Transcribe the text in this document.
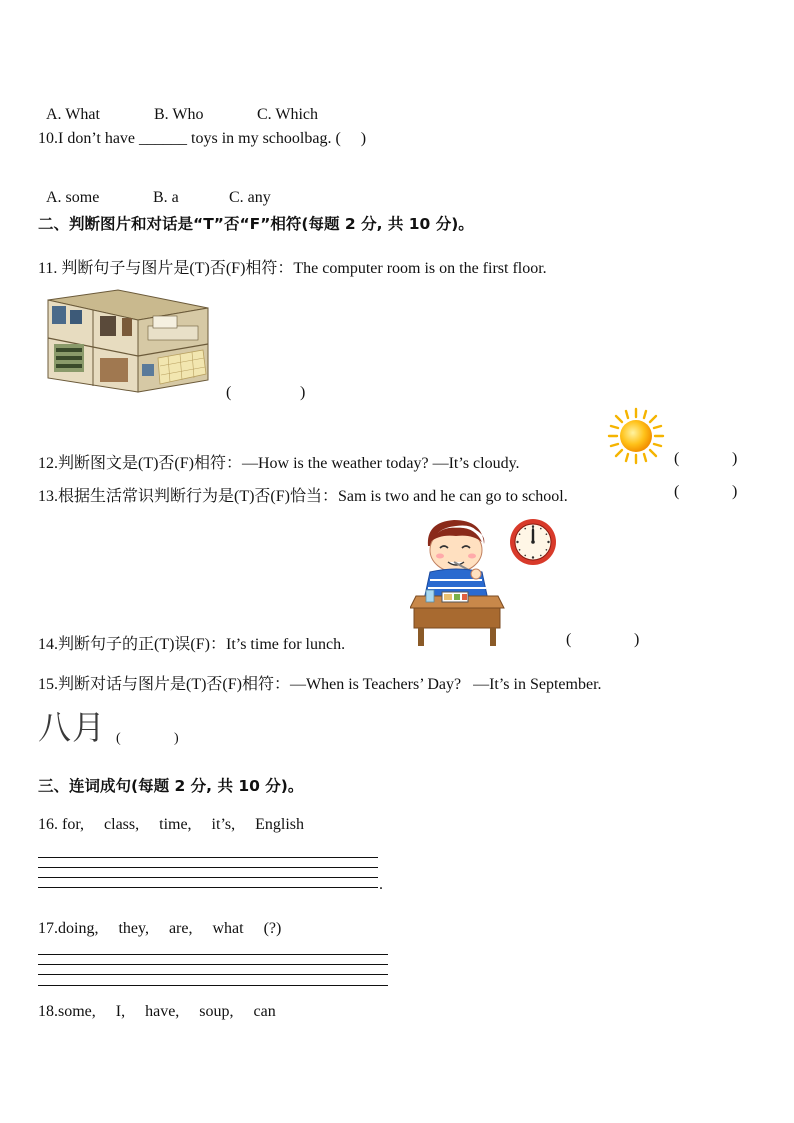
A. What	B. Who	C. Which

10.I don’t have ______ toys in my schoolbag. (     )

A. some	B. a	C. any

二、判断图片和对话是“T”否“F”相符(每题 2 分, 共 10 分)。
11. 判断句子与图片是(T)否(F)相符：The computer room is on the first floor.
(	)
12.判断图文是(T)否(F)相符：—How is the weather today? —It’s cloudy.	(	)
13.根据生活常识判断行为是(T)否(F)恰当：Sam is two and he can go to school.	(	)
14.判断句子的正(T)误(F)：It’s time for lunch.	(	)
15.判断对话与图片是(T)否(F)相符：—When is Teachers’ Day?   —It’s in September.
八月 (	)
三、连词成句(每题 2 分, 共 10 分)。
16. for,     class,     time,     it’s,     English
.
17.doing,     they,     are,     what     (?)
18.some,     I,     have,     soup,     can
